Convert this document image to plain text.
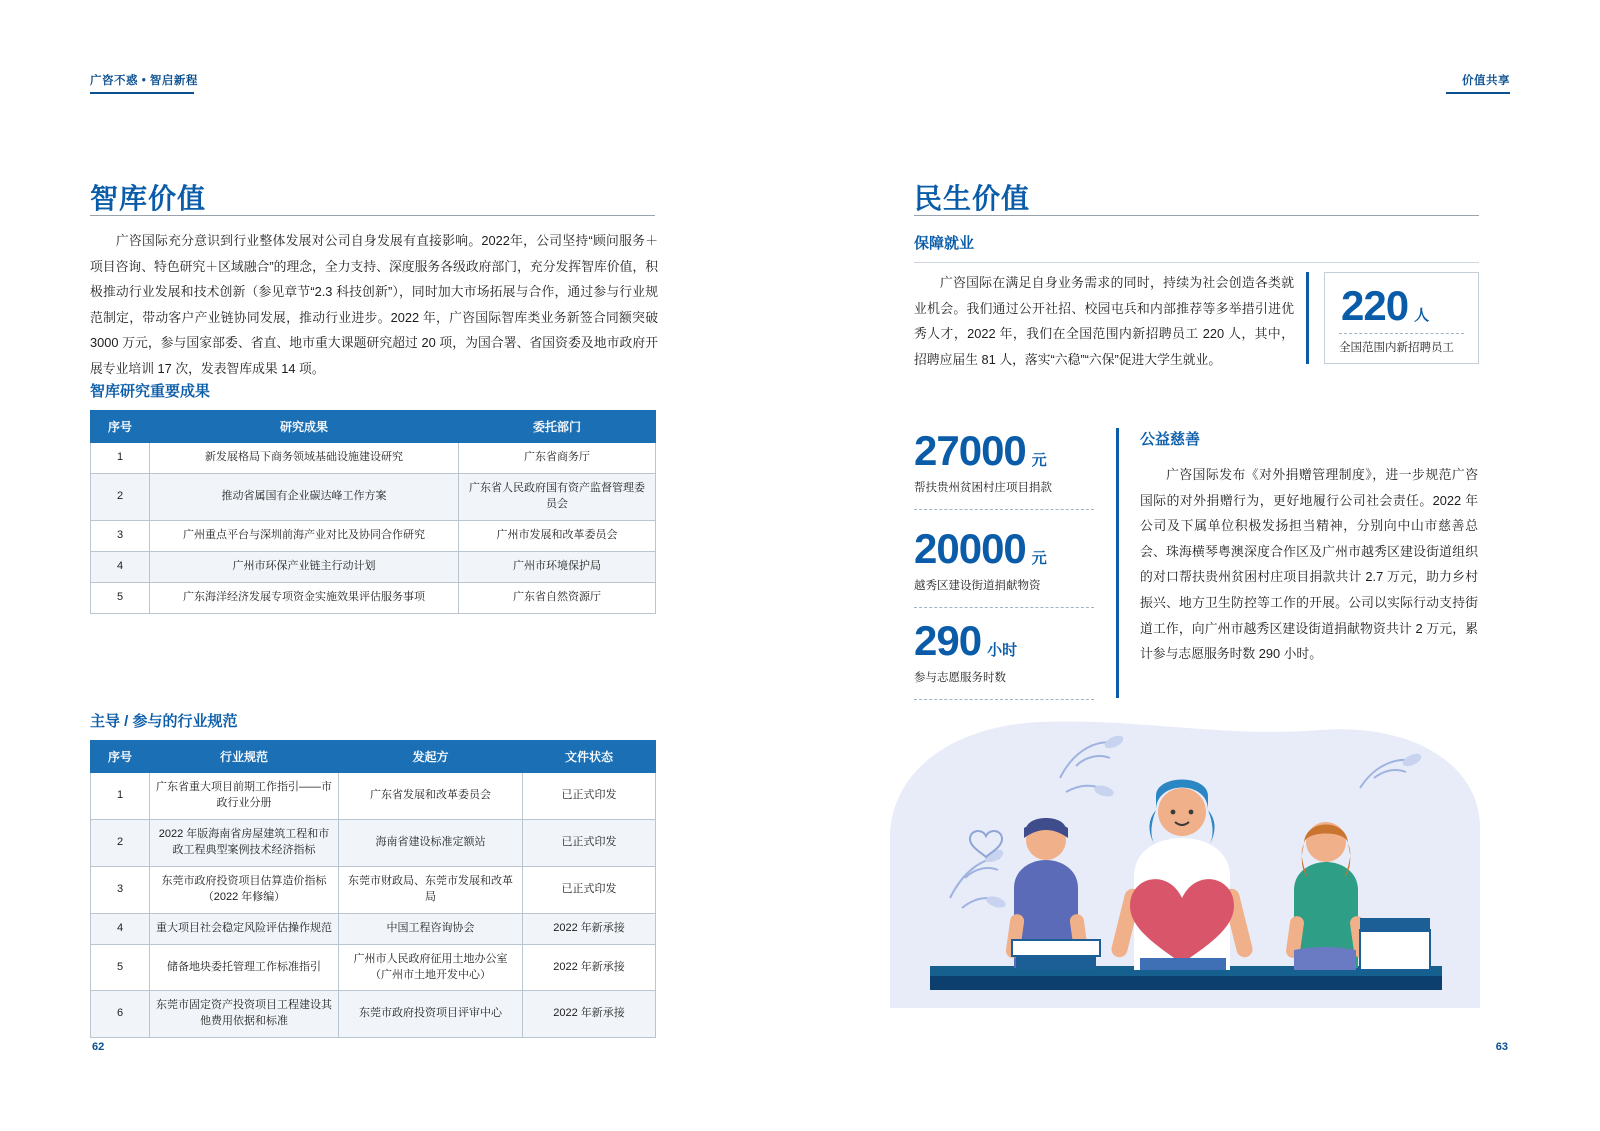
广咨不惑 • 智启新程
智库价值
广咨国际充分意识到行业整体发展对公司自身发展有直接影响。2022年，公司坚持“顾问服务＋项目咨询、特色研究＋区域融合”的理念，全力支持、深度服务各级政府部门，充分发挥智库价值，积极推动行业发展和技术创新（参见章节“2.3 科技创新”），同时加大市场拓展与合作，通过参与行业规范制定，带动客户产业链协同发展，推动行业进步。2022 年，广咨国际智库类业务新签合同额突破 3000 万元，参与国家部委、省直、地市重大课题研究超过 20 项，为国合署、省国资委及地市政府开展专业培训 17 次，发表智库成果 14 项。
智库研究重要成果
序号	研究成果	委托部门
1	新发展格局下商务领域基础设施建设研究	广东省商务厅
2	推动省属国有企业碳达峰工作方案	广东省人民政府国有资产监督管理委员会
3	广州重点平台与深圳前海产业对比及协同合作研究	广州市发展和改革委员会
4	广州市环保产业链主行动计划	广州市环境保护局
5	广东海洋经济发展专项资金实施效果评估服务事项	广东省自然资源厅
主导 / 参与的行业规范
序号	行业规范	发起方	文件状态
1	广东省重大项目前期工作指引——市政行业分册	广东省发展和改革委员会	已正式印发
2	2022 年版海南省房屋建筑工程和市政工程典型案例技术经济指标	海南省建设标准定额站	已正式印发
3	东莞市政府投资项目估算造价指标（2022 年修编）	东莞市财政局、东莞市发展和改革局	已正式印发
4	重大项目社会稳定风险评估操作规范	中国工程咨询协会	2022 年新承接
5	储备地块委托管理工作标准指引	广州市人民政府征用土地办公室（广州市土地开发中心）	2022 年新承接
6	东莞市固定资产投资项目工程建设其他费用依据和标准	东莞市政府投资项目评审中心	2022 年新承接
62
价值共享
民生价值
保障就业
广咨国际在满足自身业务需求的同时，持续为社会创造各类就业机会。我们通过公开社招、校园屯兵和内部推荐等多举措引进优秀人才，2022 年，我们在全国范围内新招聘员工 220 人，其中，招聘应届生 81 人，落实“六稳”“六保”促进大学生就业。
220 人
全国范围内新招聘员工
27000 元
帮扶贵州贫困村庄项目捐款
20000 元
越秀区建设街道捐献物资
290 小时
参与志愿服务时数
公益慈善
广咨国际发布《对外捐赠管理制度》，进一步规范广咨国际的对外捐赠行为，更好地履行公司社会责任。2022 年公司及下属单位积极发扬担当精神，分别向中山市慈善总会、珠海横琴粤澳深度合作区及广州市越秀区建设街道组织的对口帮扶贵州贫困村庄项目捐款共计 2.7 万元，助力乡村振兴、地方卫生防控等工作的开展。公司以实际行动支持街道工作，向广州市越秀区建设街道捐献物资共计 2 万元，累计参与志愿服务时数 290 小时。
63
